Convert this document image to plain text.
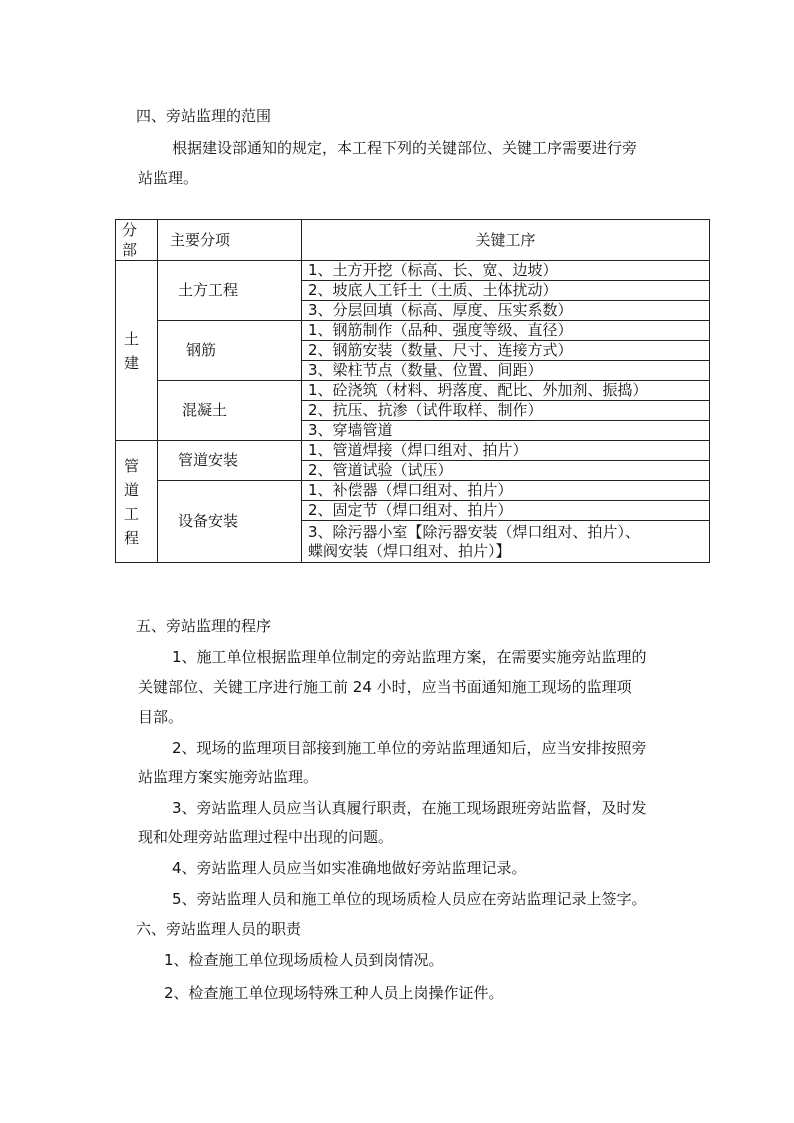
四、旁站监理的范围
根据建设部通知的规定，本工程下列的关键部位、关键工序需要进行旁
站监理。
分部	主要分项	关键工序

土建	土方工程	1、土方开挖（标高、长、宽、边坡）
		2、坡底人工钎土（土质、土体扰动）
		3、分层回填（标高、厚度、压实系数）

	钢筋	1、钢筋制作（品种、强度等级、直径）
		2、钢筋安装（数量、尺寸、连接方式）
		3、梁柱节点（数量、位置、间距）

	混凝土	1、砼浇筑（材料、坍落度、配比、外加剂、振捣）
		2、抗压、抗渗（试件取样、制作）
		3、穿墙管道

管道工程	管道安装	1、管道焊接（焊口组对、拍片）
		2、管道试验（试压）

	设备安装	1、补偿器（焊口组对、拍片）
		2、固定节（焊口组对、拍片）

		3、除污器小室【除污器安装（焊口组对、拍片）、
蝶阀安装（焊口组对、拍片）】
五、旁站监理的程序
1、施工单位根据监理单位制定的旁站监理方案，在需要实施旁站监理的
关键部位、关键工序进行施工前 24 小时，应当书面通知施工现场的监理项
目部。
2、现场的监理项目部接到施工单位的旁站监理通知后，应当安排按照旁
站监理方案实施旁站监理。
3、旁站监理人员应当认真履行职责，在施工现场跟班旁站监督，及时发
现和处理旁站监理过程中出现的问题。
4、旁站监理人员应当如实准确地做好旁站监理记录。
5、旁站监理人员和施工单位的现场质检人员应在旁站监理记录上签字。
六、旁站监理人员的职责
1、检查施工单位现场质检人员到岗情况。
2、检查施工单位现场特殊工种人员上岗操作证件。
